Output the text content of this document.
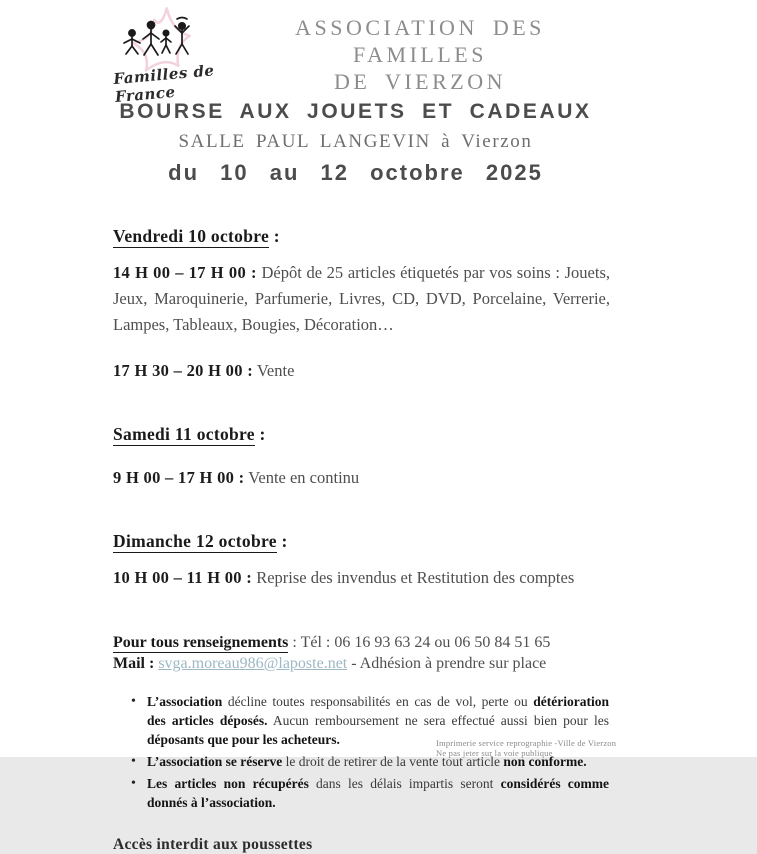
Familles de France
ASSOCIATION DES FAMILLES
DE VIERZON
BOURSE AUX JOUETS ET CADEAUX
SALLE PAUL LANGEVIN à Vierzon
du 10 au 12 octobre 2025
Vendredi 10 octobre :

14 H 00 – 17 H 00 : Dépôt de 25 articles étiquetés par vos soins : Jouets, Jeux, Maroquinerie, Parfumerie, Livres, CD, DVD, Porcelaine, Verrerie, Lampes, Tableaux, Bougies, Décoration…

17 H 30 – 20 H 00 : Vente

Samedi 11 octobre :

9 H 00 – 17 H 00 : Vente en continu

Dimanche 12 octobre :

10 H 00 – 11 H 00 : Reprise des invendus et Restitution des comptes

Pour tous renseignements : Tél : 06 16 93 63 24 ou 06 50 84 51 65
Mail : svga.moreau986@laposte.net - Adhésion à prendre sur place
• L’association décline toutes responsabilités en cas de vol, perte ou détérioration des articles déposés. Aucun remboursement ne sera effectué aussi bien pour les déposants que pour les acheteurs.
• L’association se réserve le droit de retirer de la vente tout article non conforme.
• Les articles non récupérés dans les délais impartis seront considérés comme donnés à l’association.
Accès interdit aux poussettes
Imprimerie service reprographie -Ville de Vierzon
Ne pas jeter sur la voie publique
